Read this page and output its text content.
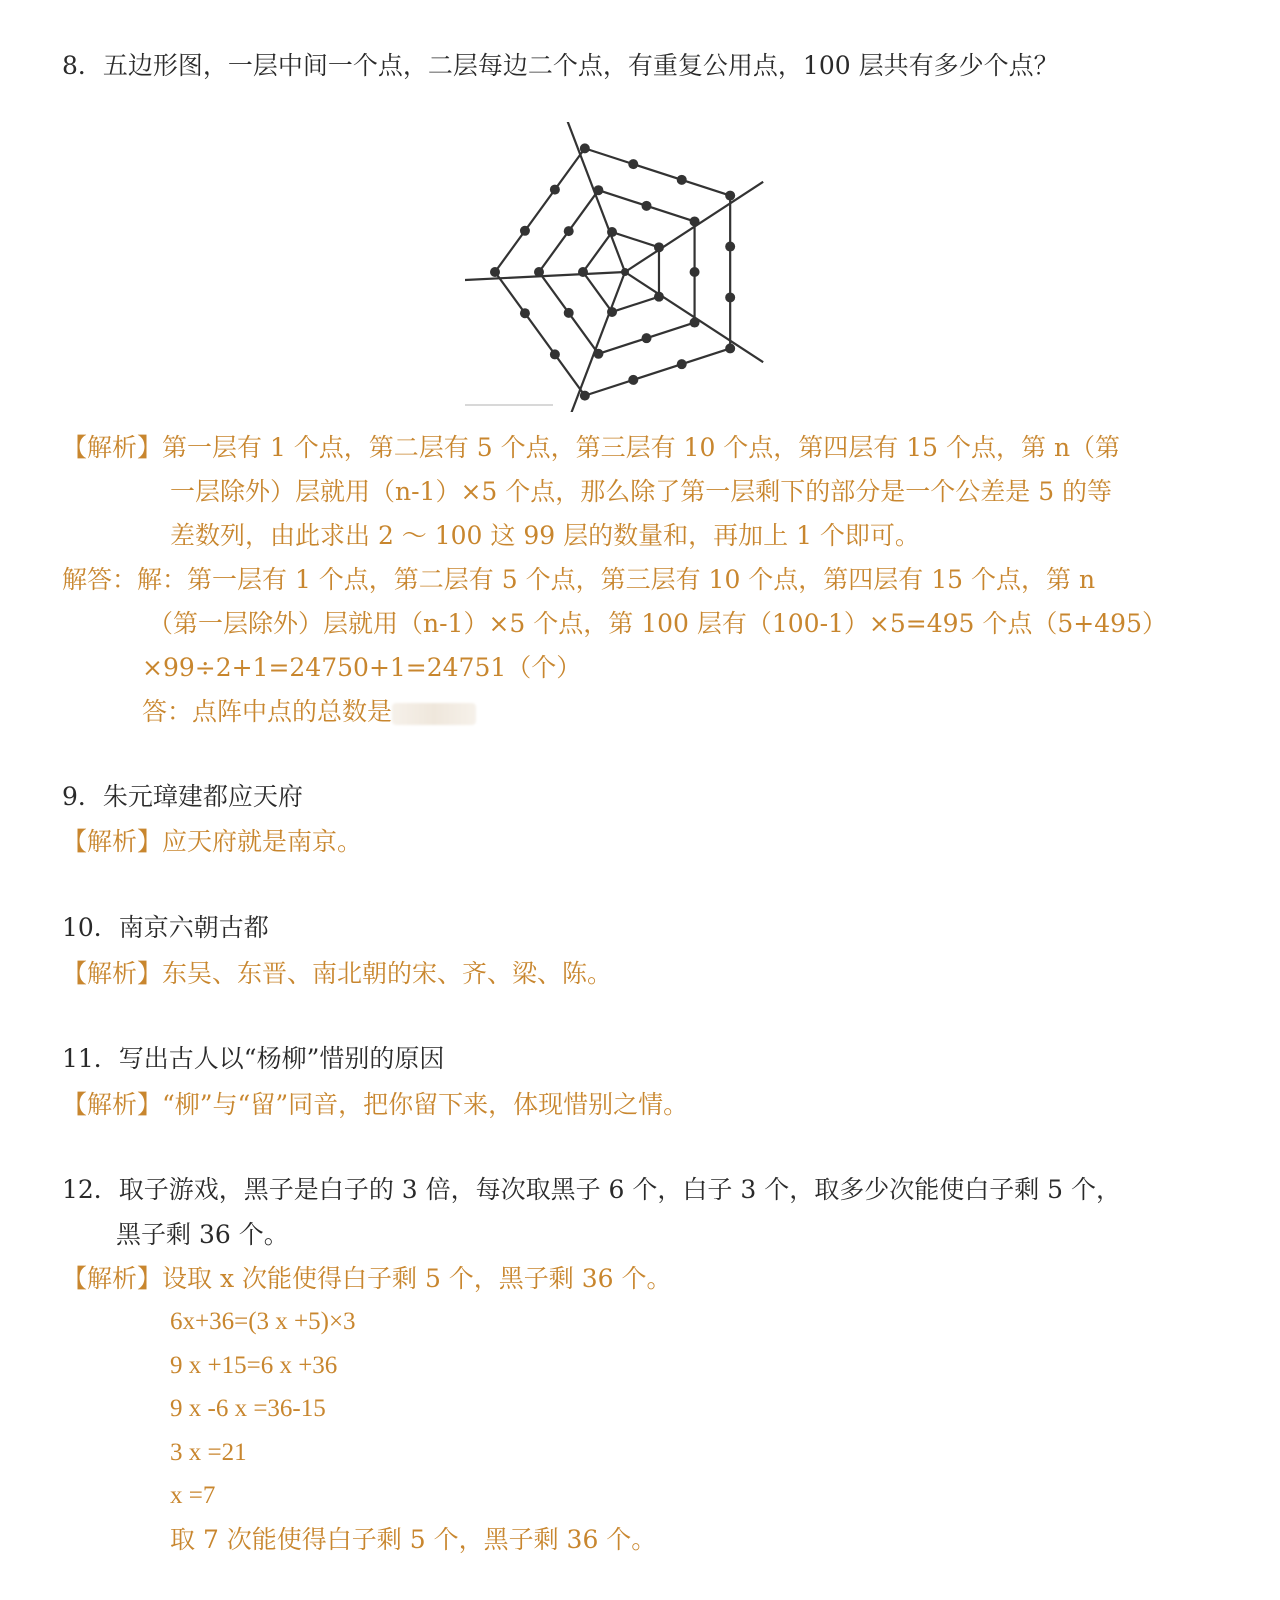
8．五边形图，一层中间一个点，二层每边二个点，有重复公用点，100 层共有多少个点？
【解析】第一层有 1 个点，第二层有 5 个点，第三层有 10 个点，第四层有 15 个点，第 n（第
一层除外）层就用（n-1）×5 个点，那么除了第一层剩下的部分是一个公差是 5 的等
差数列，由此求出 2 ～ 100 这 99 层的数量和，再加上 1 个即可。
解答：解：第一层有 1 个点，第二层有 5 个点，第三层有 10 个点，第四层有 15 个点，第 n
（第一层除外）层就用（n-1）×5 个点，第 100 层有（100-1）×5=495 个点（5+495）
×99÷2+1=24750+1=24751（个）
答：点阵中点的总数是
9．朱元璋建都应天府
【解析】应天府就是南京。
10．南京六朝古都
【解析】东吴、东晋、南北朝的宋、齐、梁、陈。
11．写出古人以“杨柳”惜别的原因
【解析】“柳”与“留”同音，把你留下来，体现惜别之情。
12．取子游戏，黑子是白子的 3 倍，每次取黑子 6 个，白子 3 个，取多少次能使白子剩 5 个，
黑子剩 36 个。
【解析】设取 x 次能使得白子剩 5 个，黑子剩 36 个。
6x+36=(3 x +5)×3
9 x +15=6 x +36
9 x -6 x =36-15
3 x =21
x =7
取 7 次能使得白子剩 5 个，黑子剩 36 个。
